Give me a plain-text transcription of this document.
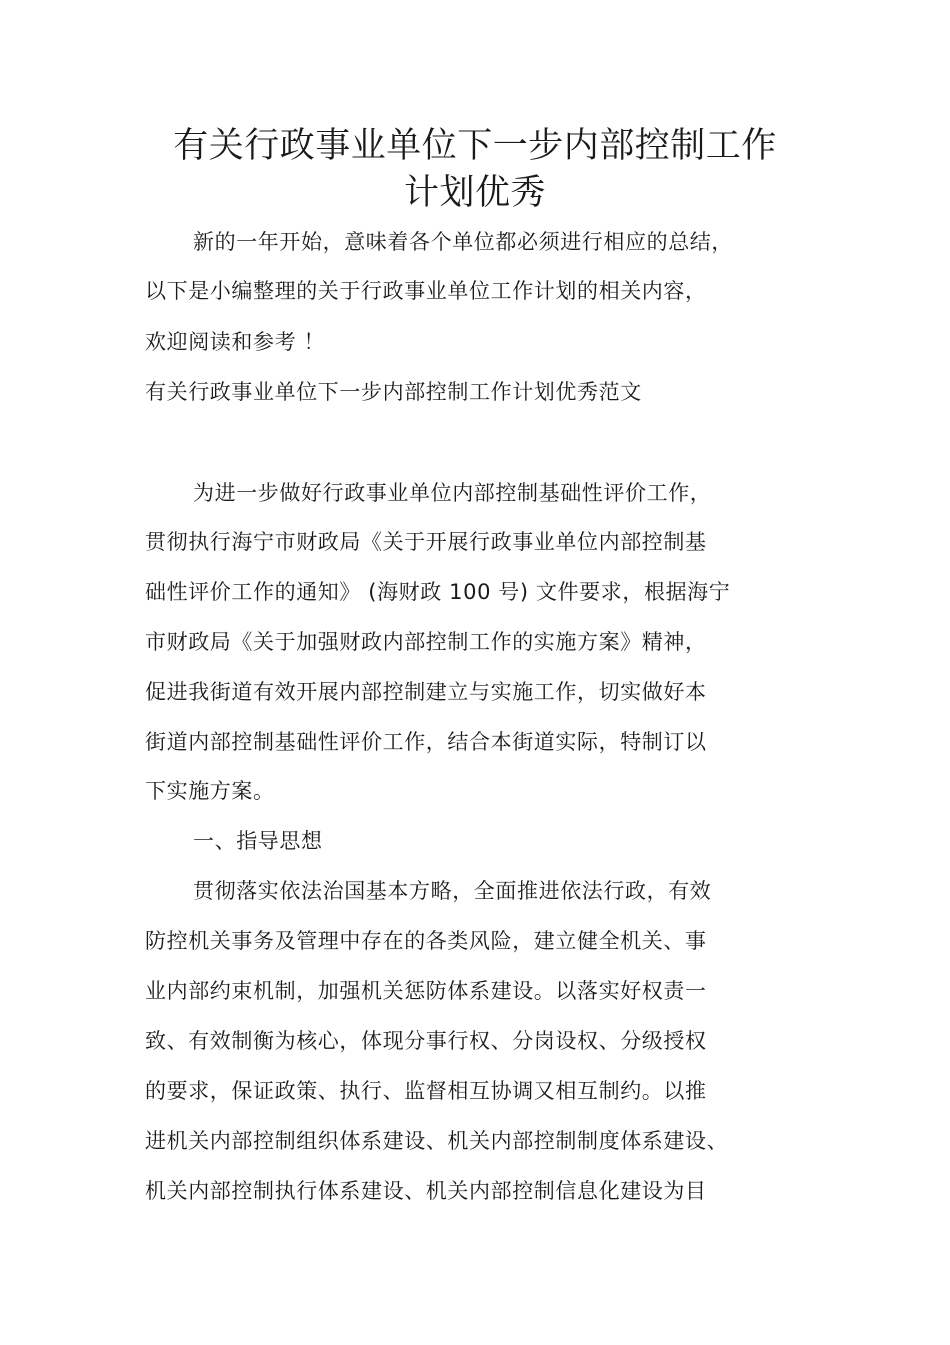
有关行政事业单位下一步内部控制工作
计划优秀
新的一年开始，意味着各个单位都必须进行相应的总结，
以下是小编整理的关于行政事业单位工作计划的相关内容，
欢迎阅读和参考 ！
有关行政事业单位下一步内部控制工作计划优秀范文
为进一步做好行政事业单位内部控制基础性评价工作，
贯彻执行海宁市财政局《关于开展行政事业单位内部控制基
础性评价工作的通知》 (海财政 100 号) 文件要求，根据海宁
市财政局《关于加强财政内部控制工作的实施方案》精神，
促进我街道有效开展内部控制建立与实施工作，切实做好本
街道内部控制基础性评价工作，结合本街道实际，特制订以
下实施方案。
一、指导思想
贯彻落实依法治国基本方略，全面推进依法行政，有效
防控机关事务及管理中存在的各类风险，建立健全机关、事
业内部约束机制，加强机关惩防体系建设。以落实好权责一
致、有效制衡为核心，体现分事行权、分岗设权、分级授权
的要求，保证政策、执行、监督相互协调又相互制约。以推
进机关内部控制组织体系建设、机关内部控制制度体系建设、
机关内部控制执行体系建设、机关内部控制信息化建设为目
